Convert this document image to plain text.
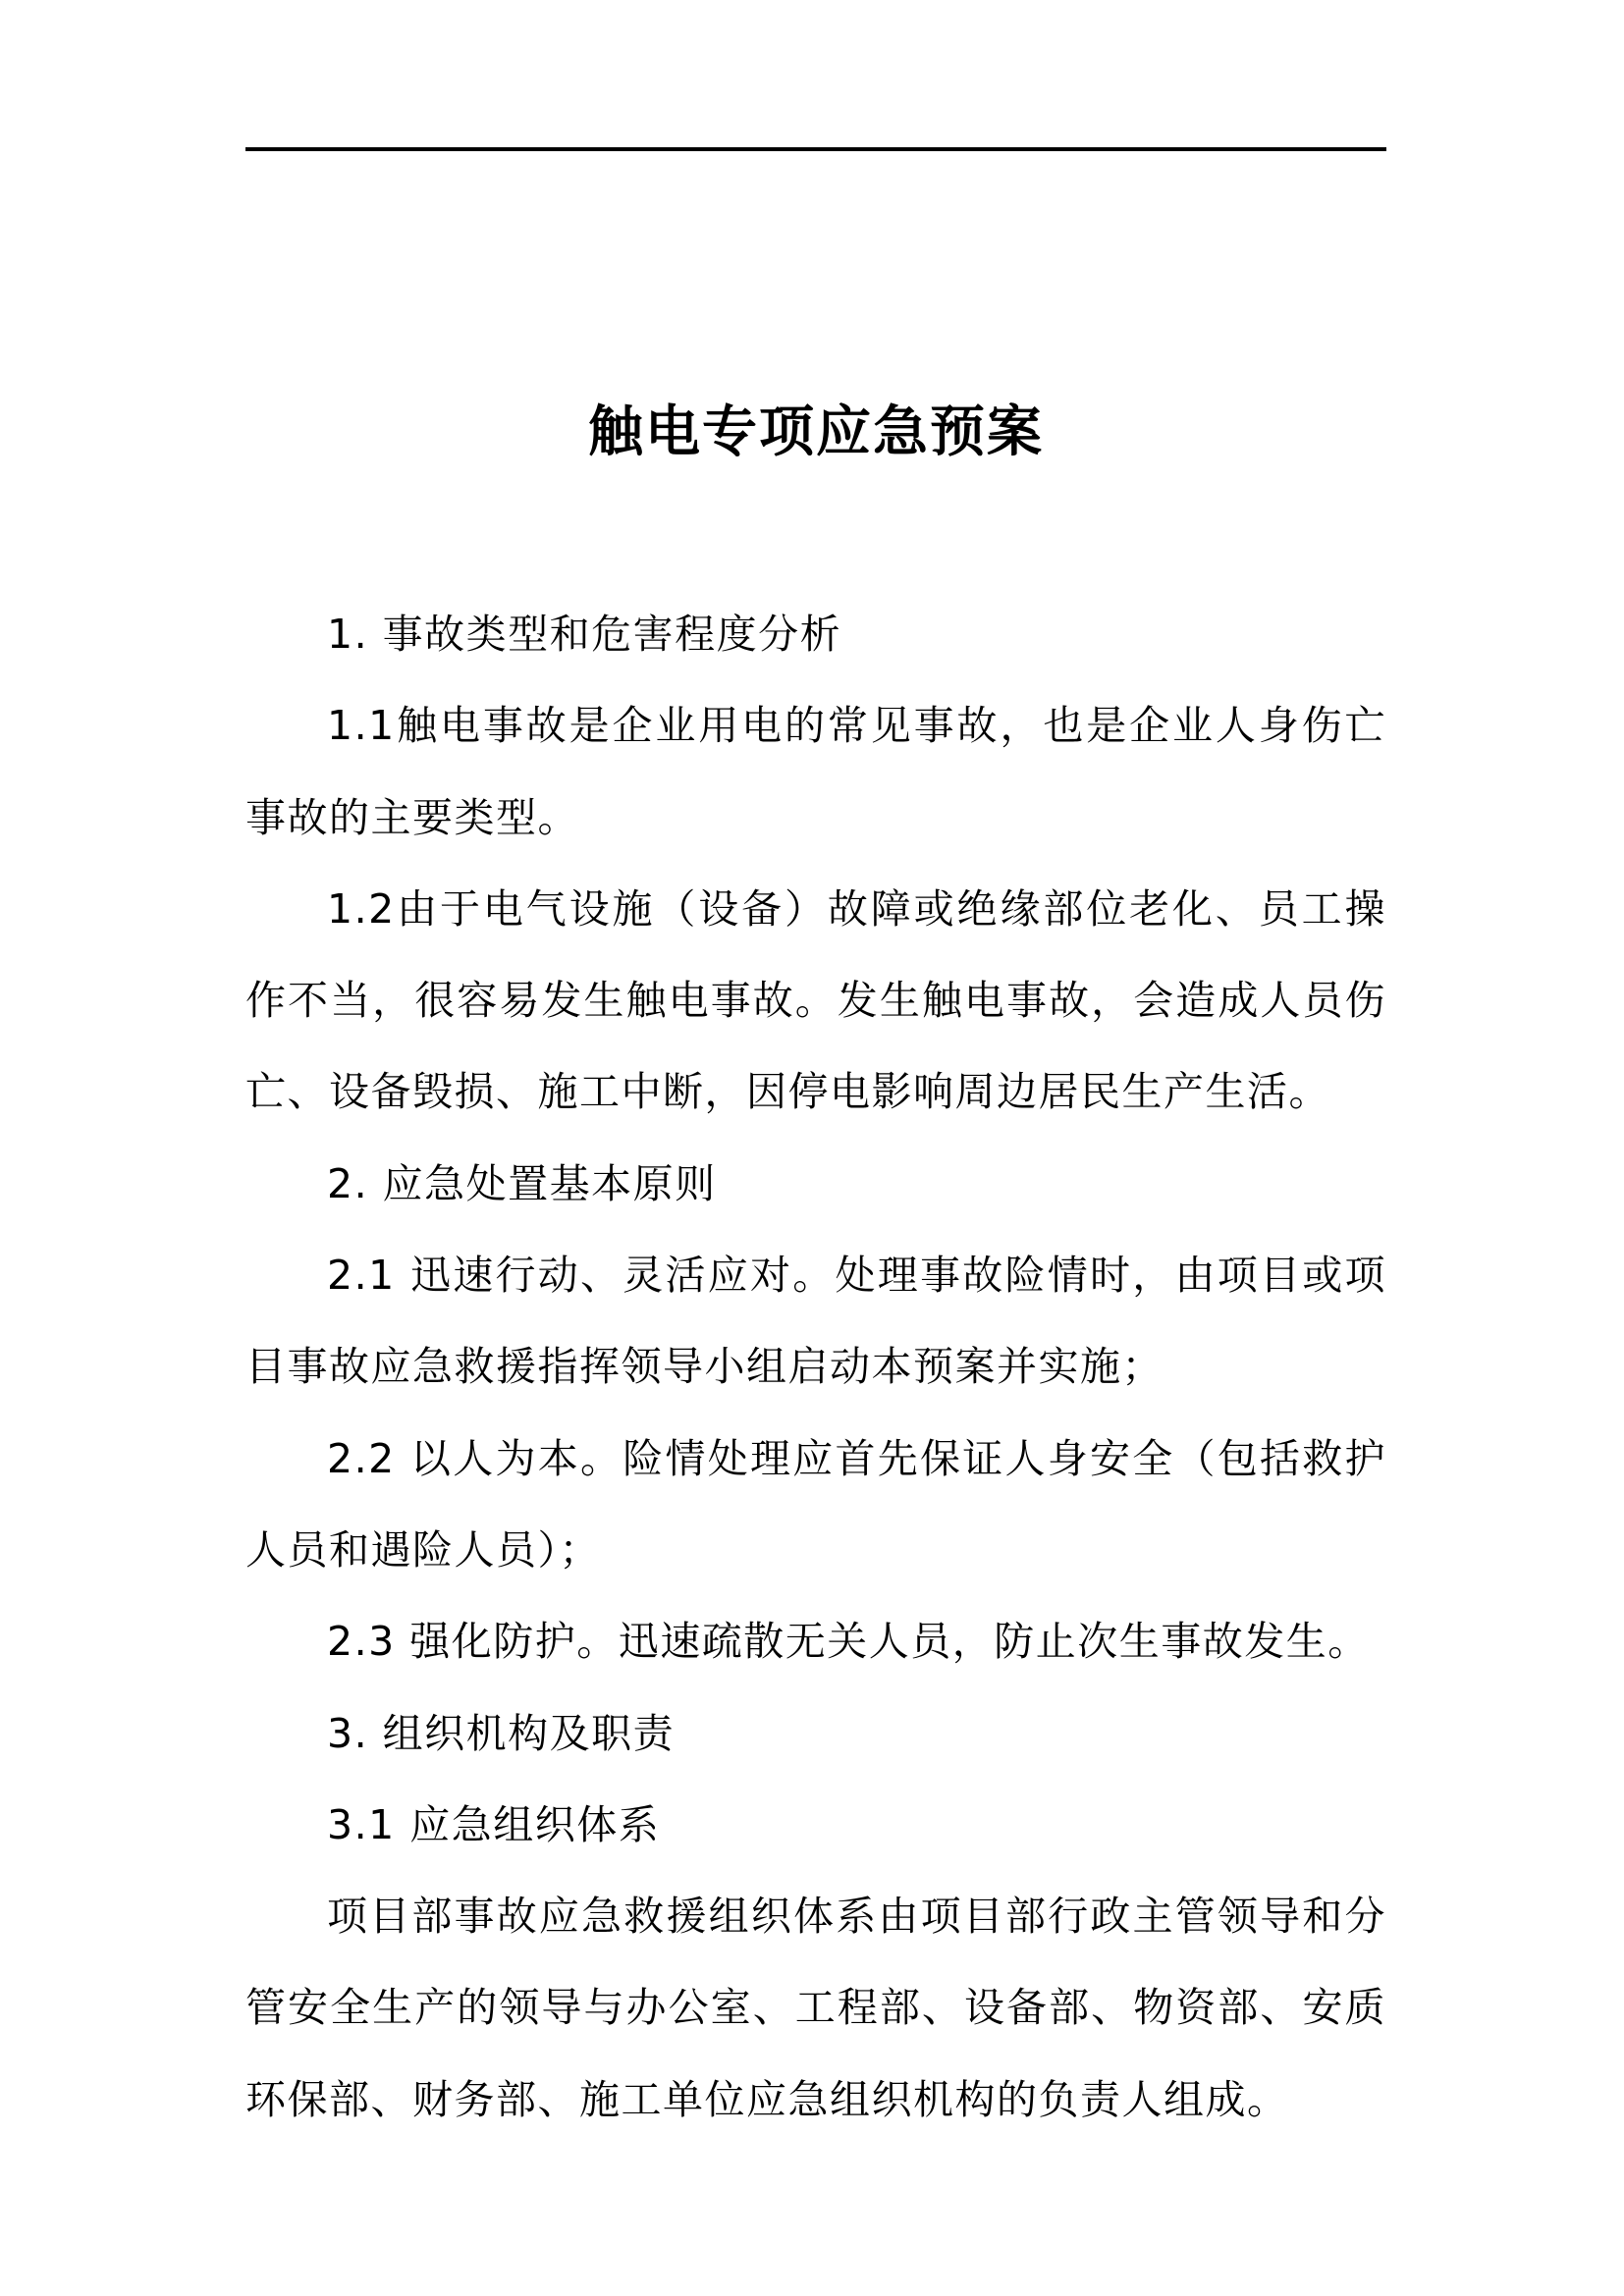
触电专项应急预案

1. 事故类型和危害程度分析

1.1触电事故是企业用电的常见事故，也是企业人身伤亡事故的主要类型。

1.2由于电气设施（设备）故障或绝缘部位老化、员工操作不当，很容易发生触电事故。发生触电事故，会造成人员伤亡、设备毁损、施工中断，因停电影响周边居民生产生活。

2. 应急处置基本原则

2.1 迅速行动、灵活应对。处理事故险情时，由项目或项目事故应急救援指挥领导小组启动本预案并实施；

2.2 以人为本。险情处理应首先保证人身安全（包括救护人员和遇险人员）；

2.3 强化防护。迅速疏散无关人员，防止次生事故发生。

3. 组织机构及职责

3.1 应急组织体系

项目部事故应急救援组织体系由项目部行政主管领导和分管安全生产的领导与办公室、工程部、设备部、物资部、安质环保部、财务部、施工单位应急组织机构的负责人组成。
